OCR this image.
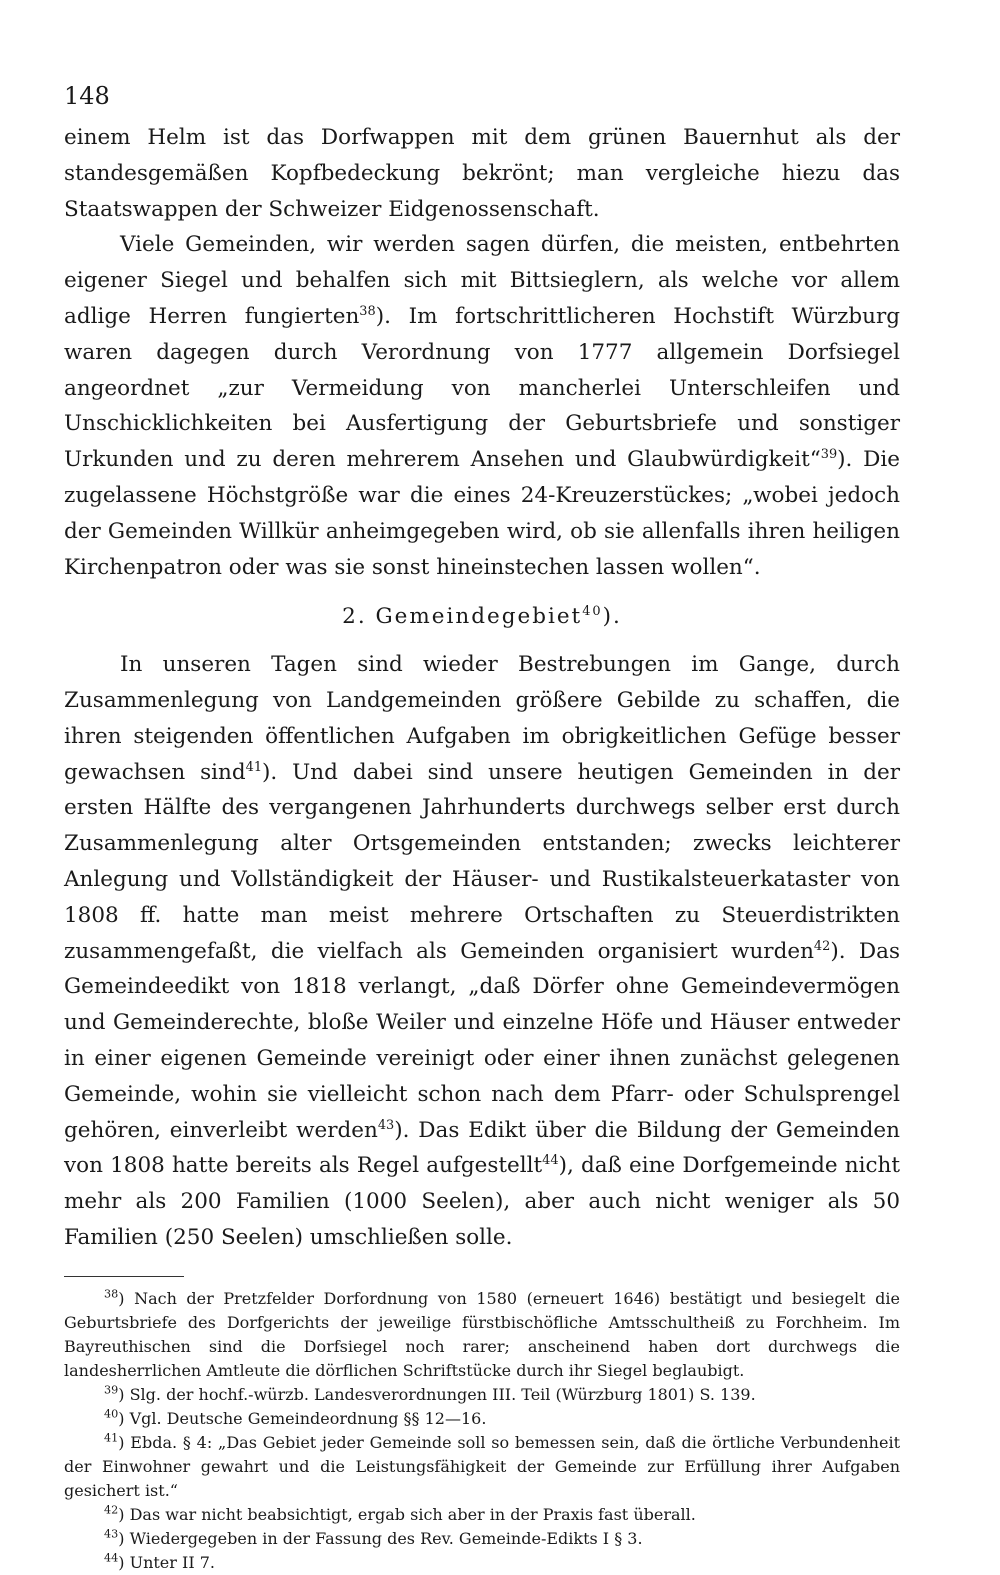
148

einem Helm ist das Dorfwappen mit dem grünen Bauernhut als der standesgemäßen Kopfbedeckung bekrönt; man vergleiche hiezu das Staatswappen der Schweizer Eidgenossenschaft.

Viele Gemeinden, wir werden sagen dürfen, die meisten, entbehrten eigener Siegel und behalfen sich mit Bittsieglern, als welche vor allem adlige Herren fungierten$^{38}$). Im fortschrittlicheren Hochstift Würzburg waren dagegen durch Verordnung von 1777 allgemein Dorfsiegel angeordnet „zur Vermeidung von mancherlei Unterschleifen und Unschicklichkeiten bei Ausfertigung der Geburtsbriefe und sonstiger Urkunden und zu deren mehrerem Ansehen und Glaubwürdigkeit“$^{39}$). Die zugelassene Höchstgröße war die eines 24-Kreuzerstückes; „wobei jedoch der Gemeinden Willkür anheimgegeben wird, ob sie allenfalls ihren heiligen Kirchenpatron oder was sie sonst hineinstechen lassen wollen“.

2. Gemeindegebiet$^{40}$).

In unseren Tagen sind wieder Bestrebungen im Gange, durch Zusammenlegung von Landgemeinden größere Gebilde zu schaffen, die ihren steigenden öffentlichen Aufgaben im obrigkeitlichen Gefüge besser gewachsen sind$^{41}$). Und dabei sind unsere heutigen Gemeinden in der ersten Hälfte des vergangenen Jahrhunderts durchwegs selber erst durch Zusammenlegung alter Ortsgemeinden entstanden; zwecks leichterer Anlegung und Vollständigkeit der Häuser- und Rustikalsteuerkataster von 1808 ff. hatte man meist mehrere Ortschaften zu Steuerdistrikten zusammengefaßt, die vielfach als Gemeinden organisiert wurden$^{42}$). Das Gemeindeedikt von 1818 verlangt, „daß Dörfer ohne Gemeindevermögen und Gemeinderechte, bloße Weiler und einzelne Höfe und Häuser entweder in einer eigenen Gemeinde vereinigt oder einer ihnen zunächst gelegenen Gemeinde, wohin sie vielleicht schon nach dem Pfarr- oder Schulsprengel gehören, einverleibt werden$^{43}$). Das Edikt über die Bildung der Gemeinden von 1808 hatte bereits als Regel aufgestellt$^{44}$), daß eine Dorfgemeinde nicht mehr als 200 Familien (1000 Seelen), aber auch nicht weniger als 50 Familien (250 Seelen) umschließen solle.

$^{38}$) Nach der Pretzfelder Dorfordnung von 1580 (erneuert 1646) bestätigt und besiegelt die Geburtsbriefe des Dorfgerichts der jeweilige fürstbischöfliche Amtsschultheiß zu Forchheim. Im Bayreuthischen sind die Dorfsiegel noch rarer; anscheinend haben dort durchwegs die landesherrlichen Amtleute die dörflichen Schriftstücke durch ihr Siegel beglaubigt.

$^{39}$) Slg. der hochf.-würzb. Landesverordnungen III. Teil (Würzburg 1801) S. 139.

$^{40}$) Vgl. Deutsche Gemeindeordnung §§ 12—16.

$^{41}$) Ebda. § 4: „Das Gebiet jeder Gemeinde soll so bemessen sein, daß die örtliche Verbundenheit der Einwohner gewahrt und die Leistungsfähigkeit der Gemeinde zur Erfüllung ihrer Aufgaben gesichert ist.“

$^{42}$) Das war nicht beabsichtigt, ergab sich aber in der Praxis fast überall.

$^{43}$) Wiedergegeben in der Fassung des Rev. Gemeinde-Edikts I § 3.

$^{44}$) Unter II 7.
